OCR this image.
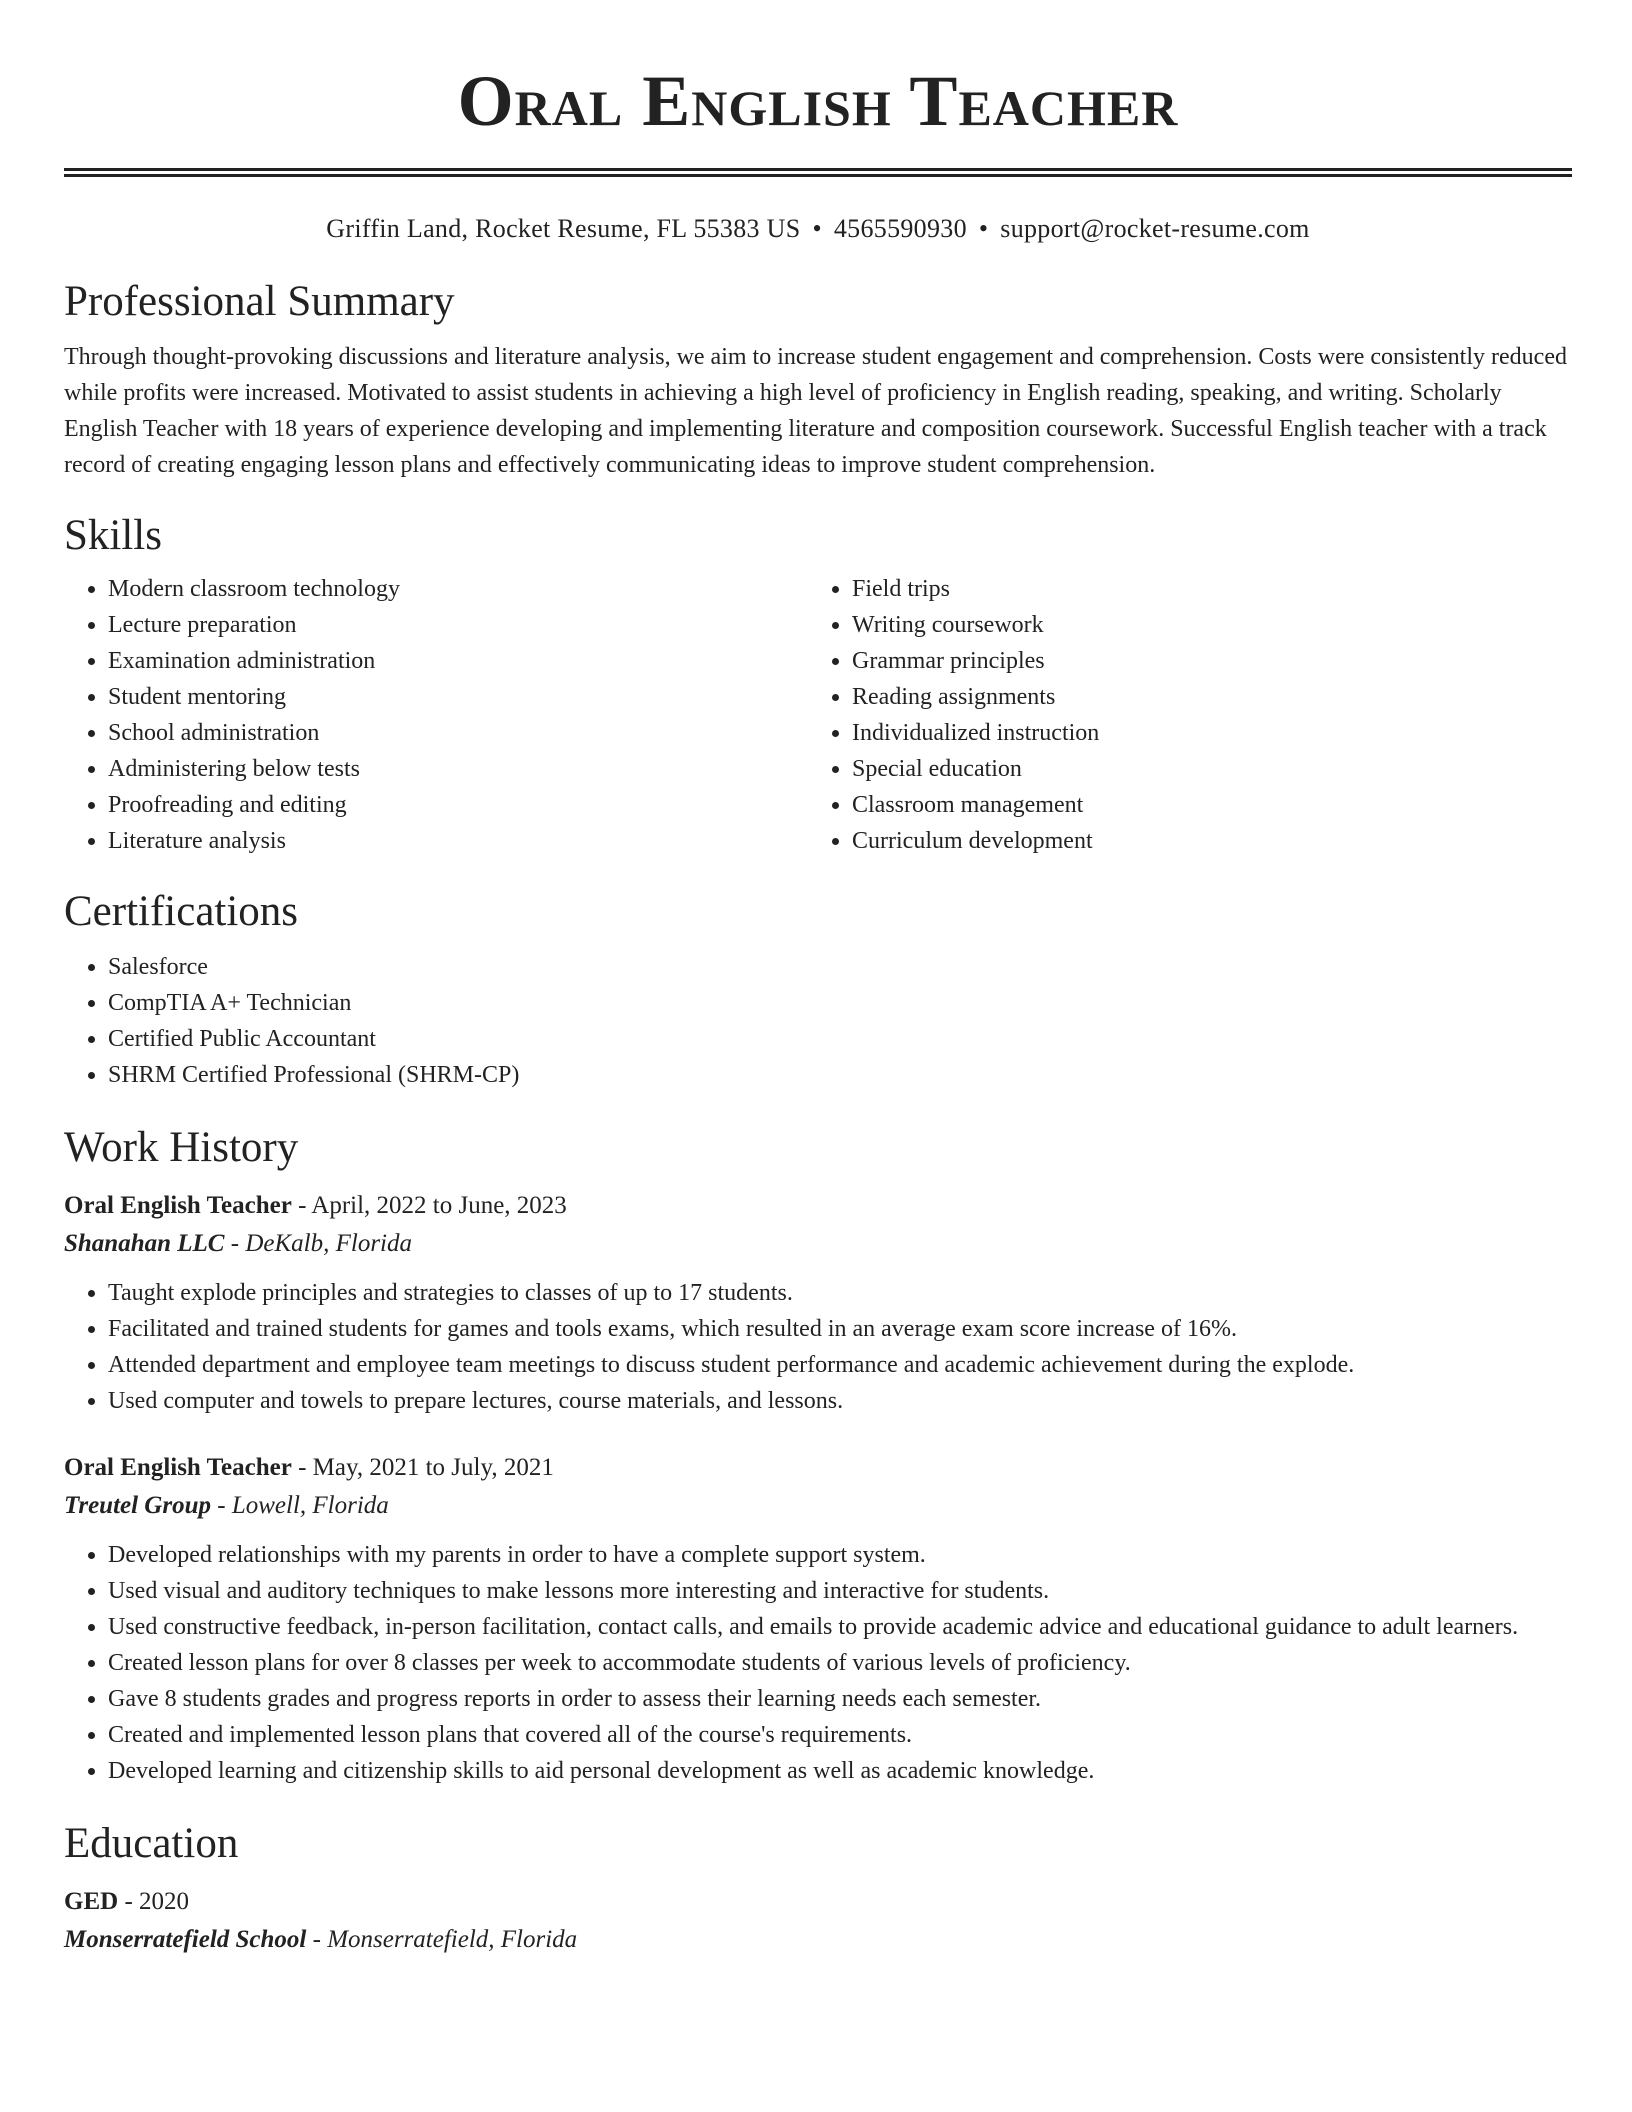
Oral English Teacher
Griffin Land, Rocket Resume, FL 55383 US • 4565590930 • support@rocket-resume.com
Professional Summary

Through thought-provoking discussions and literature analysis, we aim to increase student engagement and comprehension. Costs were consistently reduced while profits were increased. Motivated to assist students in achieving a high level of proficiency in English reading, speaking, and writing. Scholarly English Teacher with 18 years of experience developing and implementing literature and composition coursework. Successful English teacher with a track record of creating engaging lesson plans and effectively communicating ideas to improve student comprehension.

Skills
• Modern classroom technology
• Lecture preparation
• Examination administration
• Student mentoring
• School administration
• Administering below tests
• Proofreading and editing
• Literature analysis
• Field trips
• Writing coursework
• Grammar principles
• Reading assignments
• Individualized instruction
• Special education
• Classroom management
• Curriculum development
Certifications
• Salesforce
• CompTIA A+ Technician
• Certified Public Accountant
• SHRM Certified Professional (SHRM-CP)
Work History
Oral English Teacher - April, 2022 to June, 2023
Shanahan LLC - DeKalb, Florida
• Taught explode principles and strategies to classes of up to 17 students.
• Facilitated and trained students for games and tools exams, which resulted in an average exam score increase of 16%.
• Attended department and employee team meetings to discuss student performance and academic achievement during the explode.
• Used computer and towels to prepare lectures, course materials, and lessons.
Oral English Teacher - May, 2021 to July, 2021
Treutel Group - Lowell, Florida
• Developed relationships with my parents in order to have a complete support system.
• Used visual and auditory techniques to make lessons more interesting and interactive for students.
• Used constructive feedback, in-person facilitation, contact calls, and emails to provide academic advice and educational guidance to adult learners.
• Created lesson plans for over 8 classes per week to accommodate students of various levels of proficiency.
• Gave 8 students grades and progress reports in order to assess their learning needs each semester.
• Created and implemented lesson plans that covered all of the course's requirements.
• Developed learning and citizenship skills to aid personal development as well as academic knowledge.
Education
GED - 2020
Monserratefield School - Monserratefield, Florida
